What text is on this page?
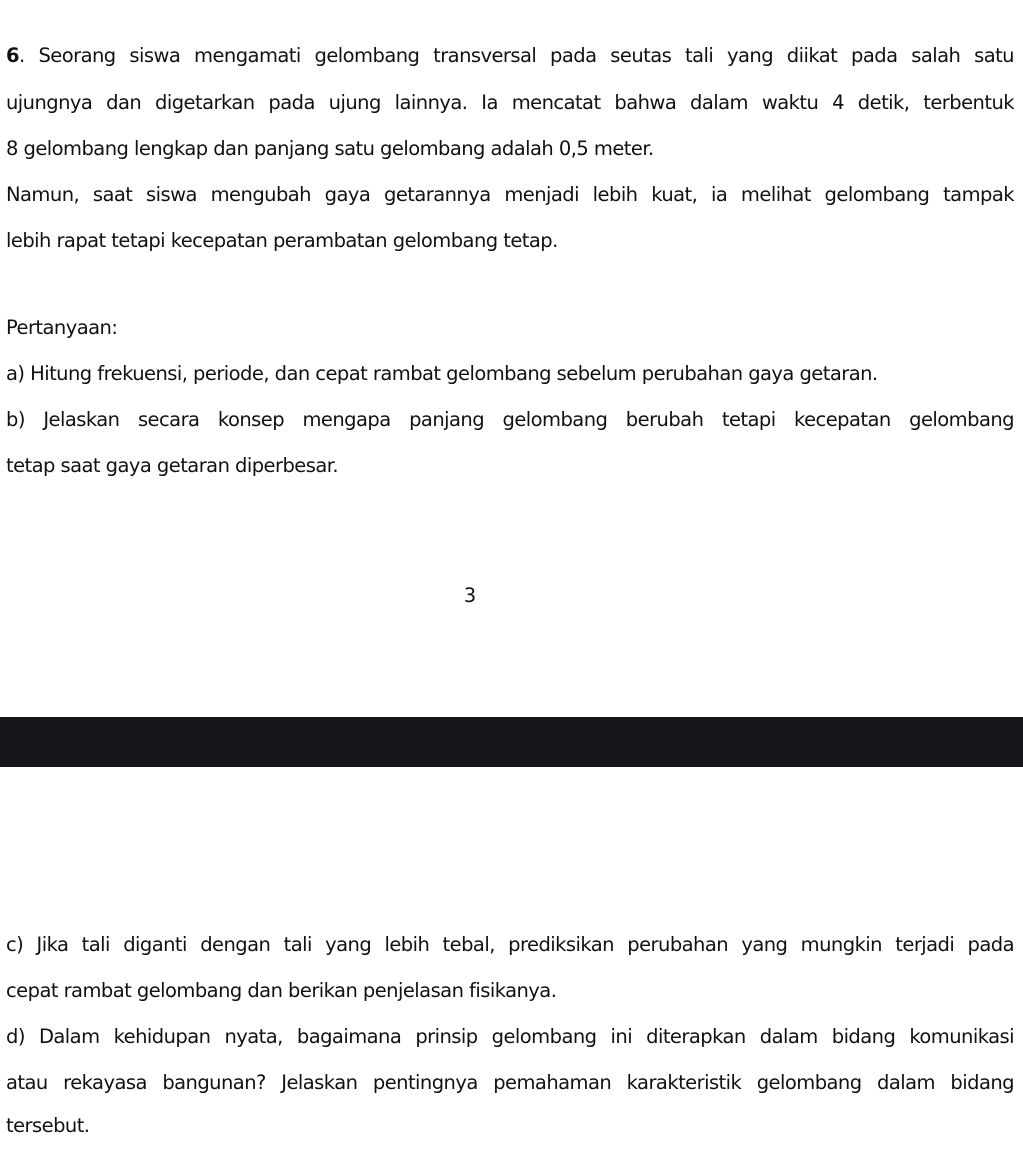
6. Seorang siswa mengamati gelombang transversal pada seutas tali yang diikat pada salah satu

ujungnya dan digetarkan pada ujung lainnya. Ia mencatat bahwa dalam waktu 4 detik, terbentuk

8 gelombang lengkap dan panjang satu gelombang adalah 0,5 meter.

Namun, saat siswa mengubah gaya getarannya menjadi lebih kuat, ia melihat gelombang tampak

lebih rapat tetapi kecepatan perambatan gelombang tetap.

Pertanyaan:

a) Hitung frekuensi, periode, dan cepat rambat gelombang sebelum perubahan gaya getaran.

b) Jelaskan secara konsep mengapa panjang gelombang berubah tetapi kecepatan gelombang

tetap saat gaya getaran diperbesar.

3

c) Jika tali diganti dengan tali yang lebih tebal, prediksikan perubahan yang mungkin terjadi pada

cepat rambat gelombang dan berikan penjelasan fisikanya.

d) Dalam kehidupan nyata, bagaimana prinsip gelombang ini diterapkan dalam bidang komunikasi

atau rekayasa bangunan? Jelaskan pentingnya pemahaman karakteristik gelombang dalam bidang

tersebut.
